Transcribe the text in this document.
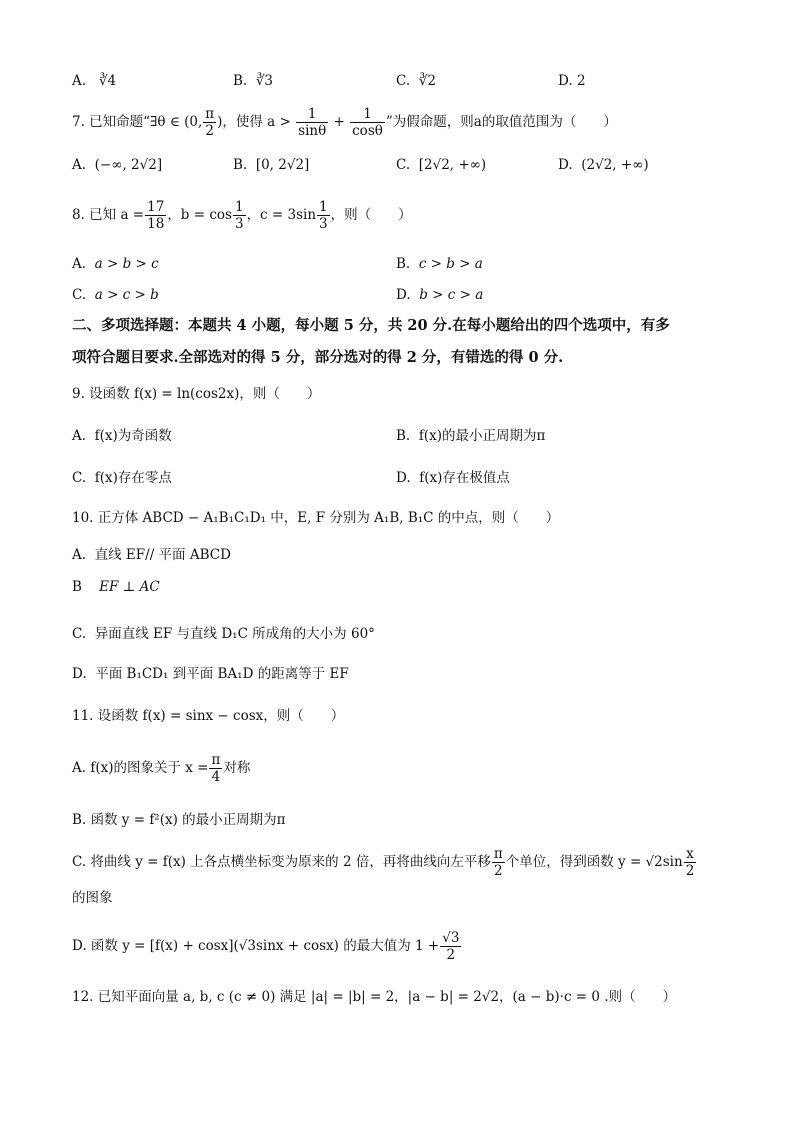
A. ∛4	B. ∛3	C. ∛2	D. 2
7. 已知命题“∃θ ∈ (0, $\frac{\pi}{2}$ )，使得 $a > \frac{1}{\sin\theta} + \frac{1}{\cos\theta}$ ”为假命题，则a的取值范围为（　　）
A. (−∞, 2√2]	B. [0, 2√2]	C. [2√2, +∞)	D. (2√2, +∞)
8. 已知 $a = \frac{17}{18}$ ，$b = \cos \frac{1}{3}$ ，$c = 3\sin \frac{1}{3}$ ，则（　　）
A. a > b > c	B. c > b > a
C. a > c > b	D. b > c > a
二、多项选择题：本题共 4 小题，每小题 5 分，共 20 分.在每小题给出的四个选项中，有多
项符合题目要求.全部选对的得 5 分，部分选对的得 2 分，有错选的得 0 分.
9. 设函数 f(x) = ln(cos2x)，则（　　）
A. f(x)为奇函数	B. f(x)的最小正周期为π
C. f(x)存在零点	D. f(x)存在极值点
10. 正方体 ABCD − A₁B₁C₁D₁ 中，E, F 分别为 A₁B, B₁C 的中点，则（　　）
A. 直线 EF// 平面 ABCD
B EF ⊥ AC
C. 异面直线 EF 与直线 D₁C 所成角的大小为 60°
D. 平面 B₁CD₁ 到平面 BA₁D 的距离等于 EF
11. 设函数 f(x) = sinx − cosx，则（　　）
A. f(x)的图象关于 $x = \frac{\pi}{4}$ 对称
B. 函数 y = f²(x) 的最小正周期为π
C. 将曲线 y = f(x) 上各点横坐标变为原来的 2 倍，再将曲线向左平移 $\frac{\pi}{2}$ 个单位，得到函数 $y = √2\sin \frac{x}{2}$
的图象
D. 函数 y = [f(x) + cosx](√3sinx + cosx) 的最大值为 $1 + \frac{√3}{2}$
12. 已知平面向量 a, b, c (c ≠ 0) 满足 |a| = |b| = 2，|a − b| = 2√2，(a − b)·c = 0 .则（　　）
